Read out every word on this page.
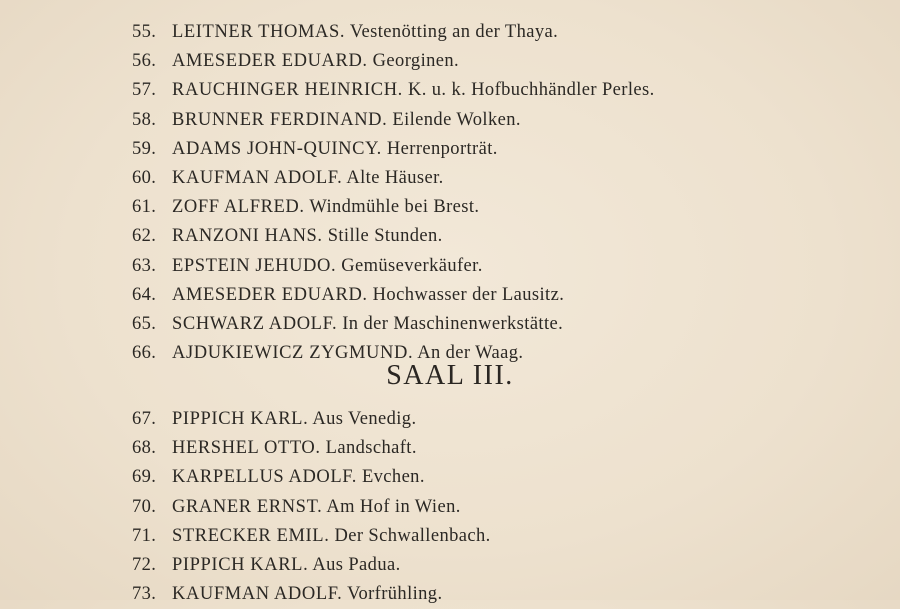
55. LEITNER THOMAS. Vestenötting an der Thaya.
56. AMESEDER EDUARD. Georginen.
57. RAUCHINGER HEINRICH. K. u. k. Hofbuchhändler Perles.
58. BRUNNER FERDINAND. Eilende Wolken.
59. ADAMS JOHN-QUINCY. Herrenporträt.
60. KAUFMAN ADOLF. Alte Häuser.
61. ZOFF ALFRED. Windmühle bei Brest.
62. RANZONI HANS. Stille Stunden.
63. EPSTEIN JEHUDO. Gemüseverkäufer.
64. AMESEDER EDUARD. Hochwasser der Lausitz.
65. SCHWARZ ADOLF. In der Maschinenwerkstätte.
66. AJDUKIEWICZ ZYGMUND. An der Waag.
SAAL III.
67. PIPPICH KARL. Aus Venedig.
68. HERSHEL OTTO. Landschaft.
69. KARPELLUS ADOLF. Evchen.
70. GRANER ERNST. Am Hof in Wien.
71. STRECKER EMIL. Der Schwallenbach.
72. PIPPICH KARL. Aus Padua.
73. KAUFMAN ADOLF. Vorfrühling.
